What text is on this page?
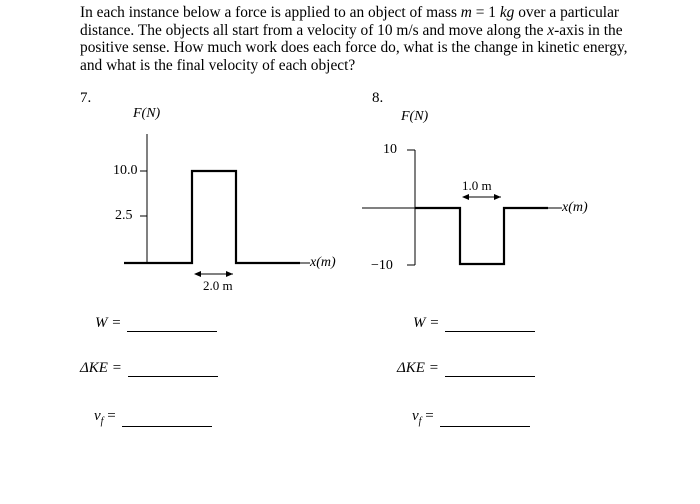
In each instance below a force is applied to an object of mass m = 1 kg over a particular distance. The objects all start from a velocity of 10 m/s and move along the x-axis in the positive sense. How much work does each force do, what is the change in kinetic energy, and what is the final velocity of each object?
7.	8.
F(N)
10.0
2.5
x(m)
2.0 m
F(N)
10
−10
x(m)
1.0 m
W =
ΔKE =
$v_f$ =
W =
ΔKE =
$v_f$ =
